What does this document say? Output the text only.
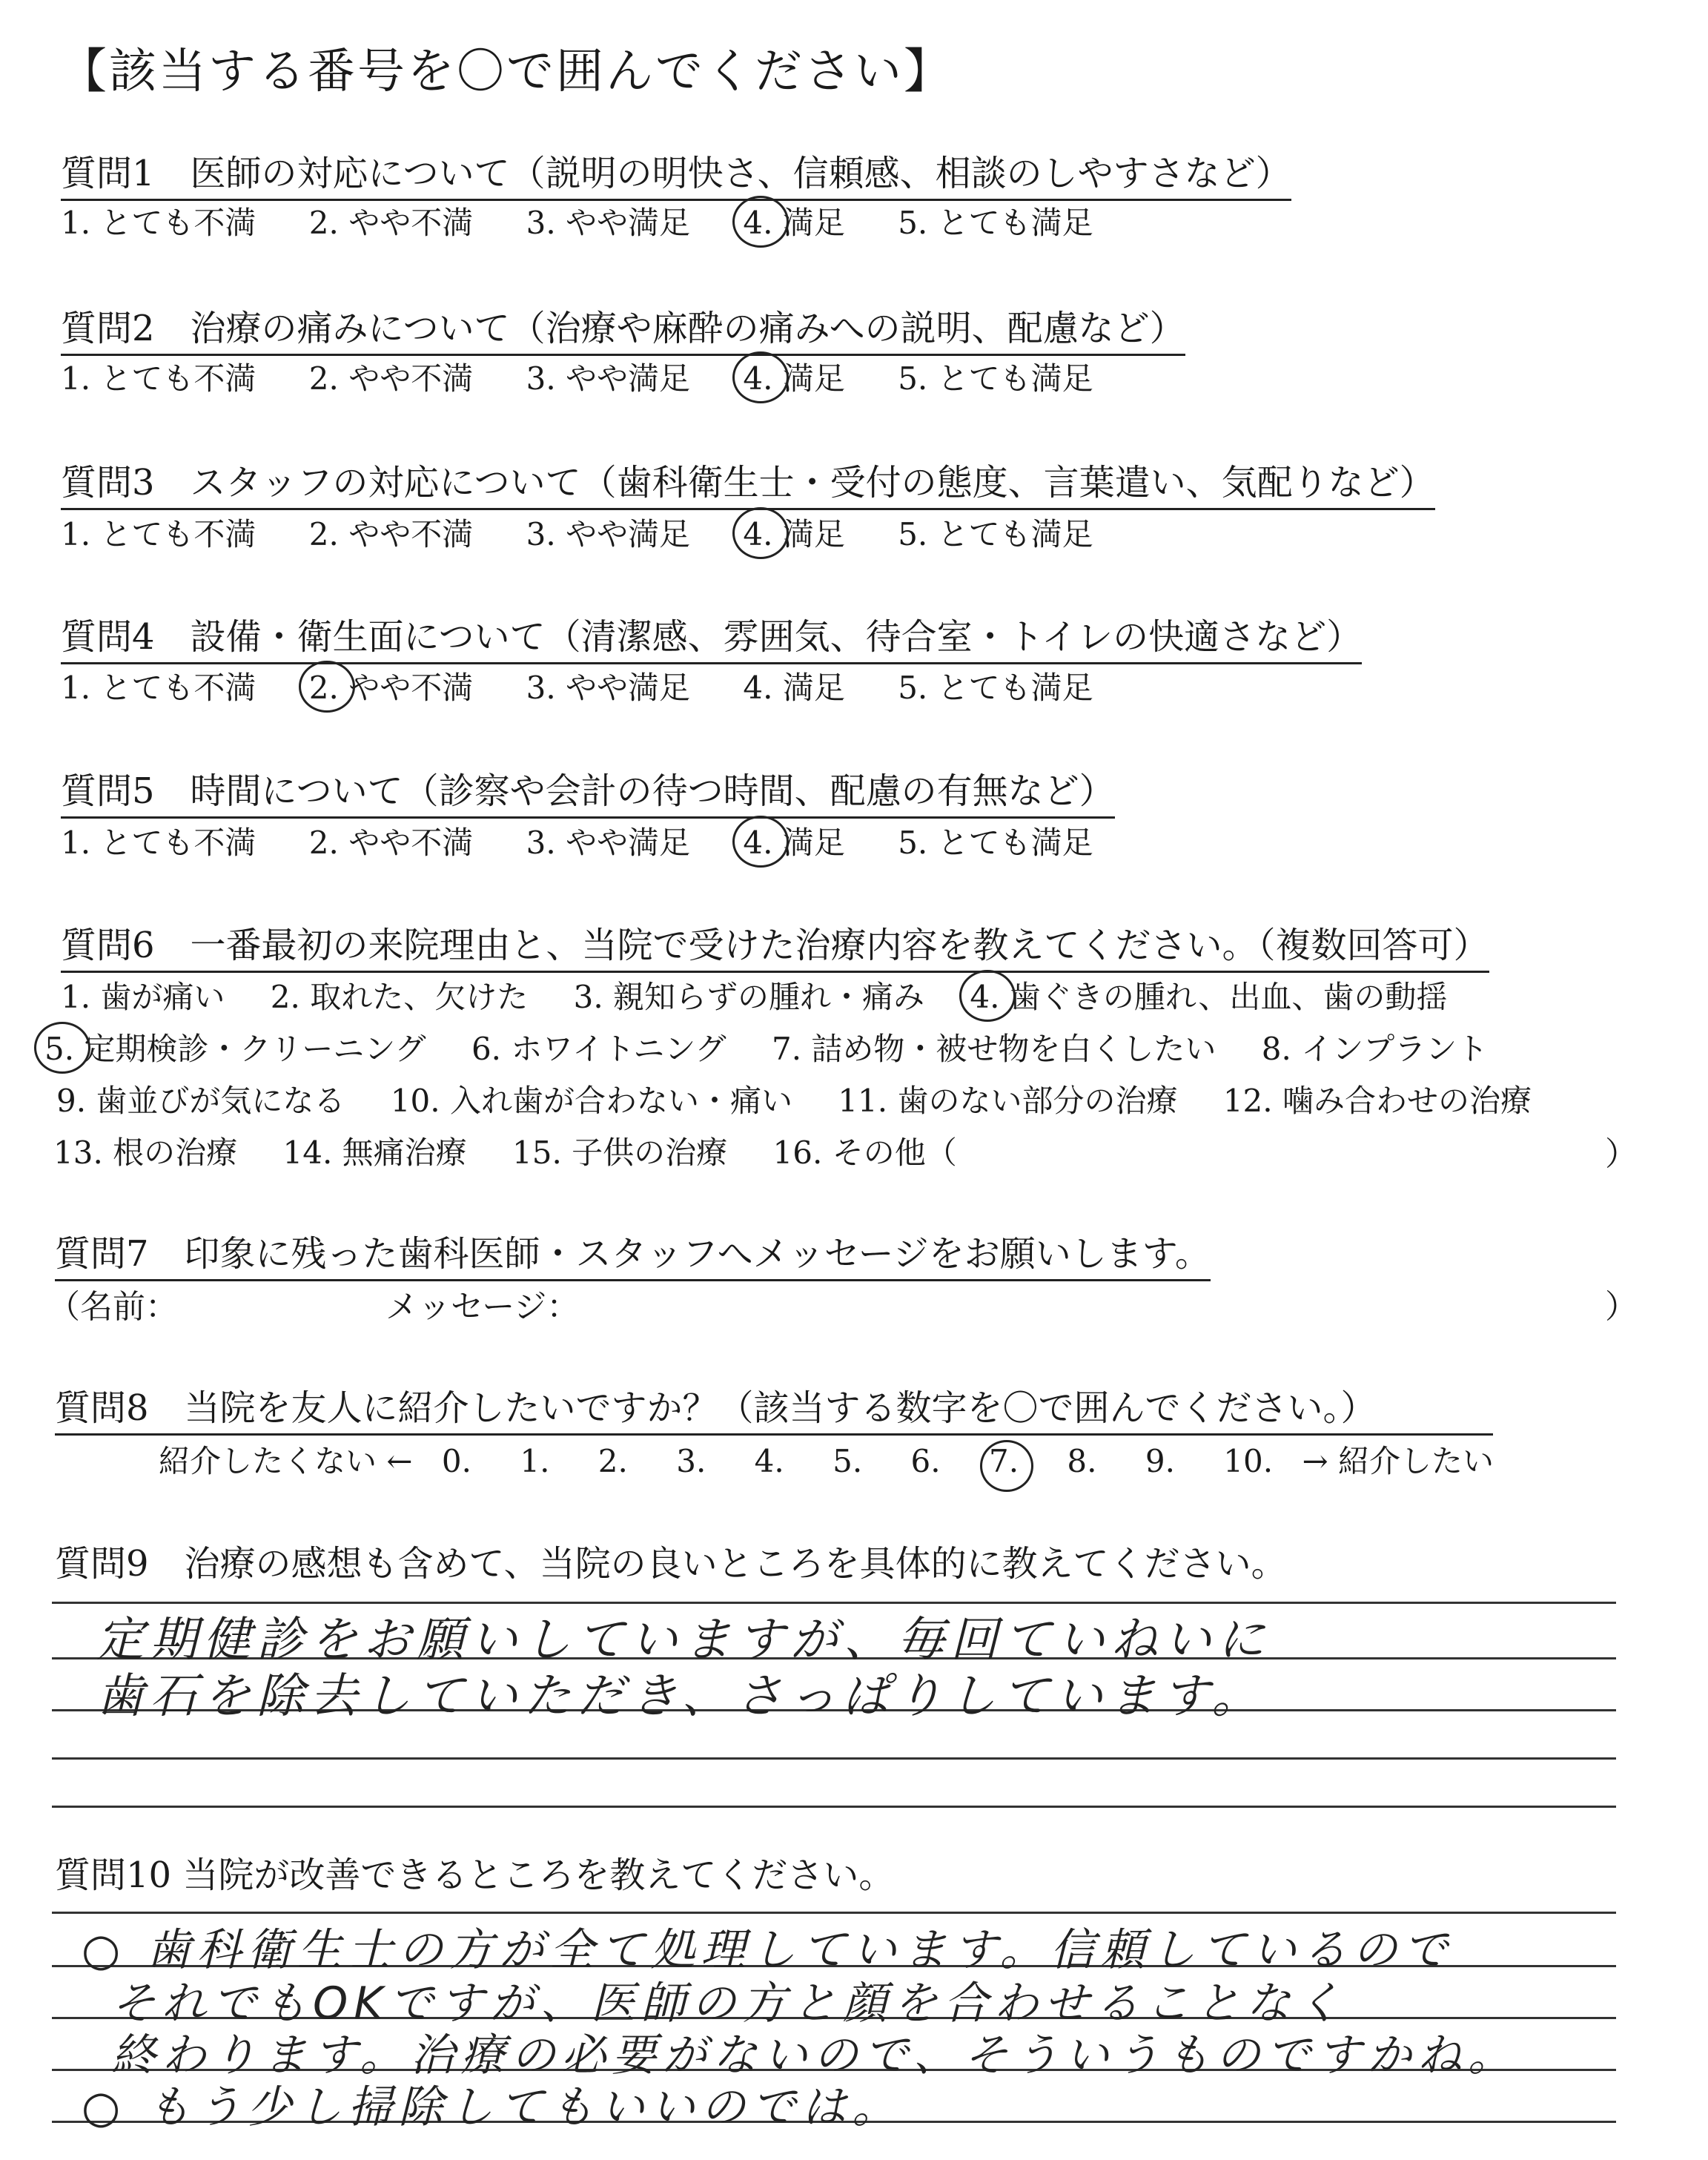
【該当する番号を〇で囲んでください】
質問1　医師の対応について（説明の明快さ、信頼感、相談のしやすさなど）
1. とても不満 2. やや不満 3. やや満足 4. 満足 5. とても満足
質問2　治療の痛みについて（治療や麻酔の痛みへの説明、配慮など）
1. とても不満 2. やや不満 3. やや満足 4. 満足 5. とても満足
質問3　スタッフの対応について（歯科衛生士・受付の態度、言葉遣い、気配りなど）
1. とても不満 2. やや不満 3. やや満足 4. 満足 5. とても満足
質問4　設備・衛生面について（清潔感、雰囲気、待合室・トイレの快適さなど）
1. とても不満 2. やや不満 3. やや満足 4. 満足 5. とても満足
質問5　時間について（診察や会計の待つ時間、配慮の有無など）
1. とても不満 2. やや不満 3. やや満足 4. 満足 5. とても満足
質問6　一番最初の来院理由と、当院で受けた治療内容を教えてください。（複数回答可）
1. 歯が痛い 2. 取れた、欠けた 3. 親知らずの腫れ・痛み 4. 歯ぐきの腫れ、出血、歯の動揺
5. 定期検診・クリーニング 6. ホワイトニング 7. 詰め物・被せ物を白くしたい 8. インプラント
9. 歯並びが気になる 10. 入れ歯が合わない・痛い 11. 歯のない部分の治療 12. 噛み合わせの治療
13. 根の治療 14. 無痛治療 15. 子供の治療 16. その他（	）
質問7　印象に残った歯科医師・スタッフへメッセージをお願いします。
（名前：	メッセージ：	）
質問8　当院を友人に紹介したいですか？（該当する数字を〇で囲んでください。）
紹介したくない ← 0. 1. 2. 3. 4. 5. 6. 7. 8. 9. 10. → 紹介したい
質問9　治療の感想も含めて、当院の良いところを具体的に教えてください。
定期健診をお願いしていますが、毎回ていねいに
歯石を除去していただき、さっぱりしています。
質問10 当院が改善できるところを教えてください。
○ 歯科衛生士の方が全て処理しています。信頼しているので
それでもOKですが、医師の方と顔を合わせることなく
終わります。治療の必要がないので、そういうものですかね。
○ もう少し掃除してもいいのでは。
